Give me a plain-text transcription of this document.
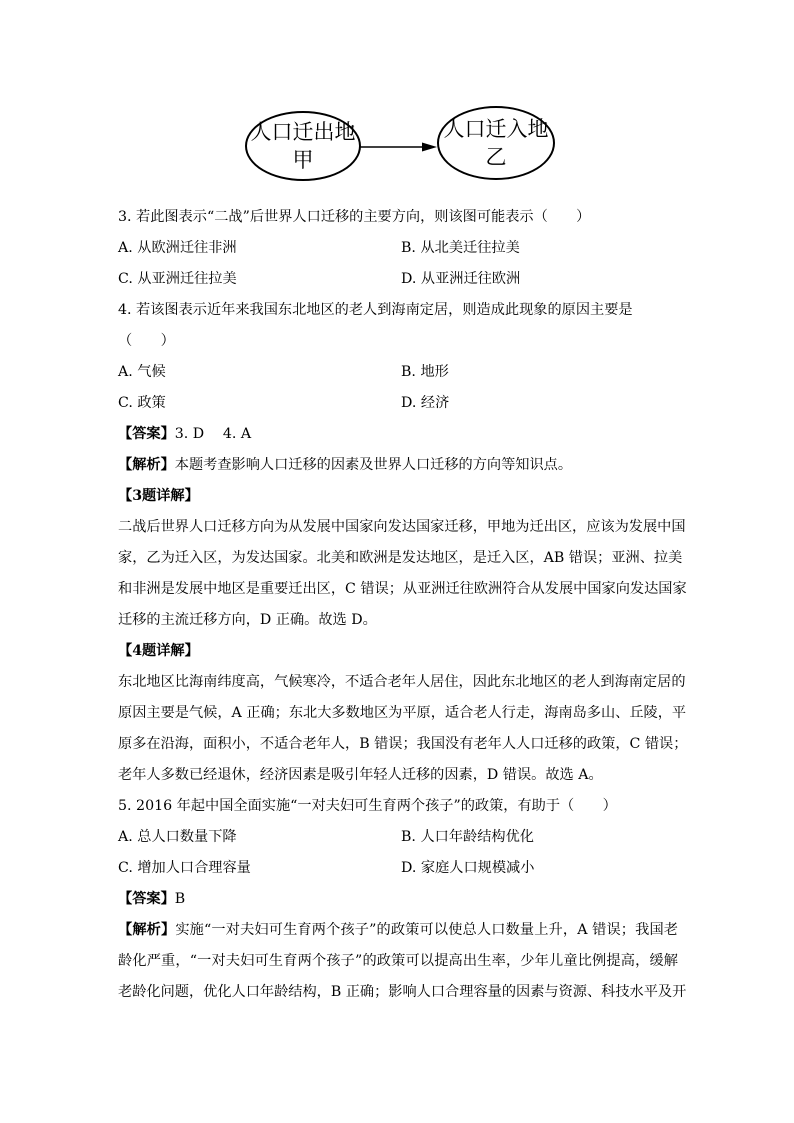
人口迁出地
甲
人口迁入地
乙
3. 若此图表示“二战”后世界人口迁移的主要方向，则该图可能表示（　　）
A. 从欧洲迁往非洲	B. 从北美迁往拉美
C. 从亚洲迁往拉美	D. 从亚洲迁往欧洲
4. 若该图表示近年来我国东北地区的老人到海南定居，则造成此现象的原因主要是
（　　）
A. 气候	B. 地形
C. 政策	D. 经济
【答案】3. D　 4. A
【解析】本题考查影响人口迁移的因素及世界人口迁移的方向等知识点。
【3题详解】
二战后世界人口迁移方向为从发展中国家向发达国家迁移，甲地为迁出区，应该为发展中国
家，乙为迁入区，为发达国家。北美和欧洲是发达地区，是迁入区，AB 错误；亚洲、拉美
和非洲是发展中地区是重要迁出区，C 错误；从亚洲迁往欧洲符合从发展中国家向发达国家
迁移的主流迁移方向，D 正确。故选 D。
【4题详解】
东北地区比海南纬度高，气候寒冷，不适合老年人居住，因此东北地区的老人到海南定居的
原因主要是气候，A 正确；东北大多数地区为平原，适合老人行走，海南岛多山、丘陵，平
原多在沿海，面积小，不适合老年人，B 错误；我国没有老年人人口迁移的政策，C 错误；
老年人多数已经退休，经济因素是吸引年轻人迁移的因素，D 错误。故选 A。
5. 2016 年起中国全面实施“一对夫妇可生育两个孩子”的政策，有助于（　　）
A. 总人口数量下降	B. 人口年龄结构优化
C. 增加人口合理容量	D. 家庭人口规模减小
【答案】B
【解析】实施“一对夫妇可生育两个孩子”的政策可以使总人口数量上升，A 错误；我国老
龄化严重，“一对夫妇可生育两个孩子”的政策可以提高出生率，少年儿童比例提高，缓解
老龄化问题，优化人口年龄结构，B 正确；影响人口合理容量的因素与资源、科技水平及开
